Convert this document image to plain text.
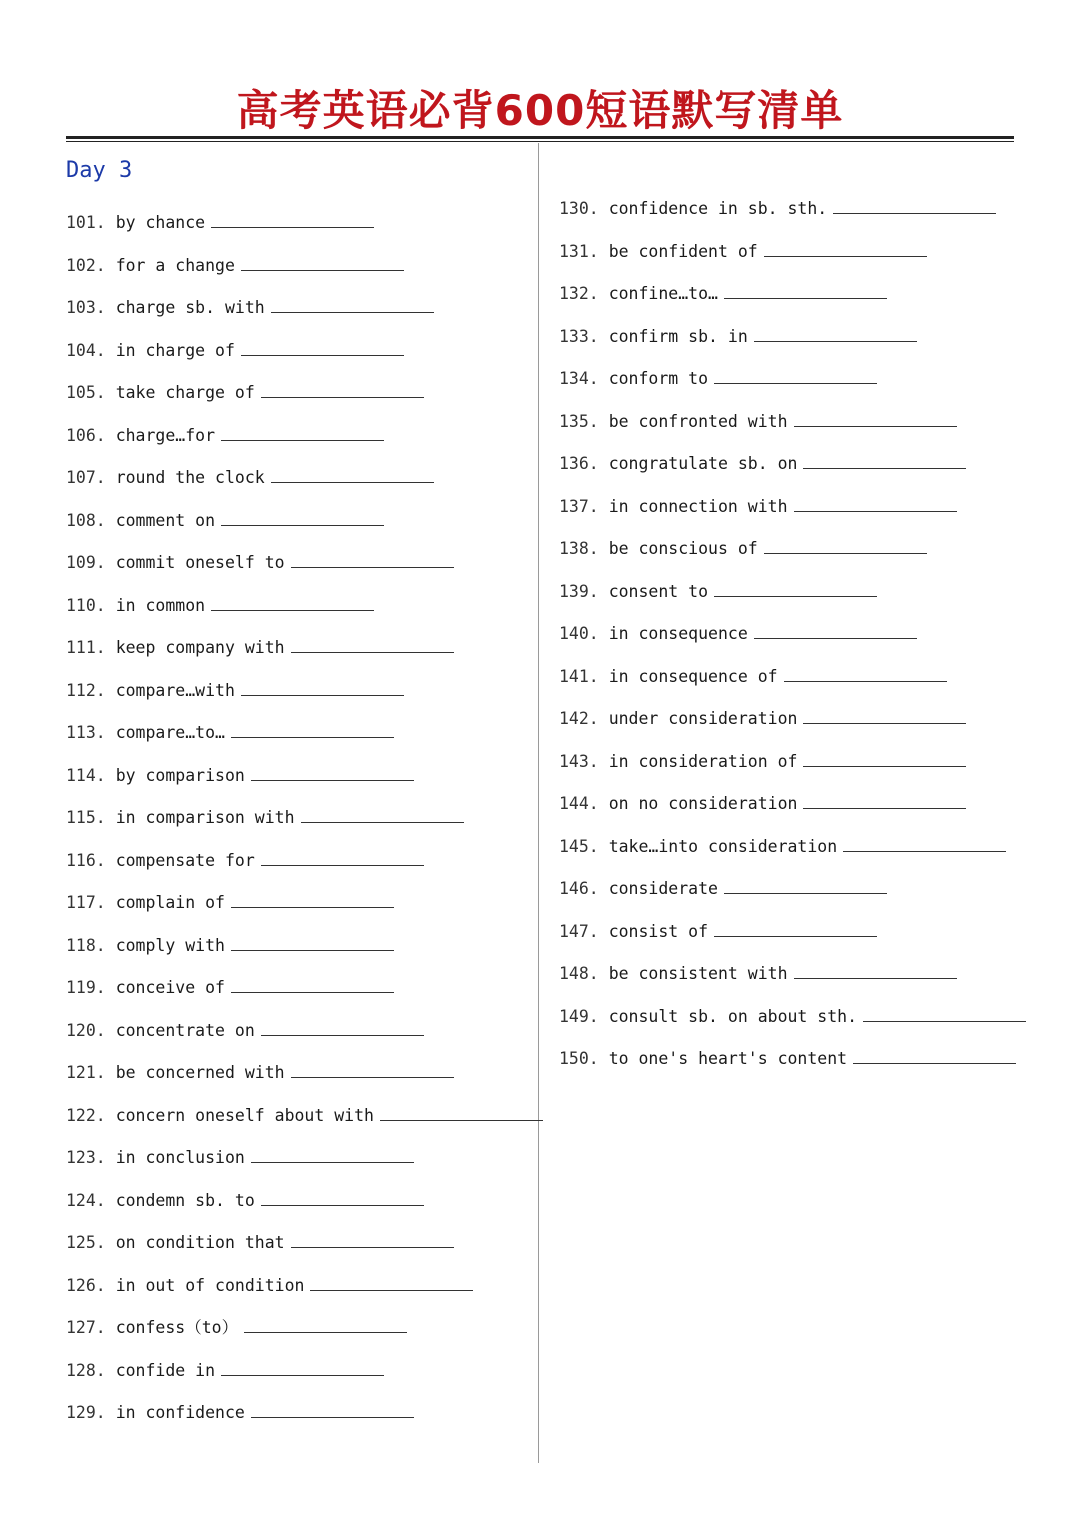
高考英语必背600短语默写清单
Day 3
101. by chance
102. for a change
103. charge sb. with
104. in charge of
105. take charge of
106. charge…for
107. round the clock
108. comment on
109. commit oneself to
110. in common
111. keep company with
112. compare…with
113. compare…to…
114. by comparison
115. in comparison with
116. compensate for
117. complain of
118. comply with
119. conceive of
120. concentrate on
121. be concerned with
122. concern oneself about with
123. in conclusion
124. condemn sb. to
125. on condition that
126. in out of condition
127. confess（to）
128. confide in
129. in confidence
130. confidence in sb. sth.
131. be confident of
132. confine…to…
133. confirm sb. in
134. conform to
135. be confronted with
136. congratulate sb. on
137. in connection with
138. be conscious of
139. consent to
140. in consequence
141. in consequence of
142. under consideration
143. in consideration of
144. on no consideration
145. take…into consideration
146. considerate
147. consist of
148. be consistent with
149. consult sb. on about sth.
150. to one's heart's content
